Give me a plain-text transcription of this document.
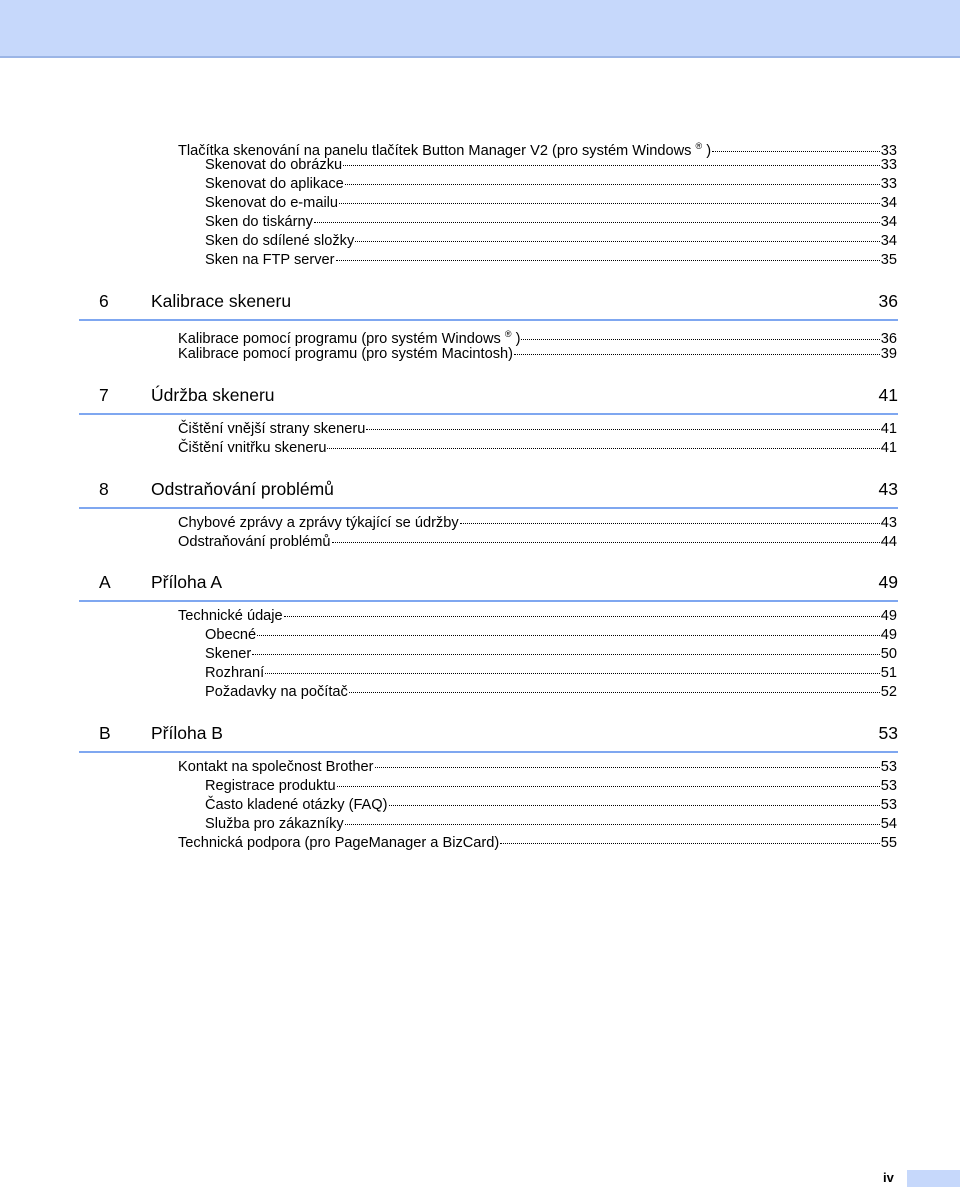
Tlačítka skenování na panelu tlačítek Button Manager V2 (pro systém Windows ® )	33
Skenovat do obrázku	33
Skenovat do aplikace	33
Skenovat do e-mailu	34
Sken do tiskárny	34
Sken do sdílené složky	34
Sken na FTP server	35
6 Kalibrace skeneru	36
Kalibrace pomocí programu (pro systém Windows ® )	36
Kalibrace pomocí programu (pro systém Macintosh)	39
7 Údržba skeneru	41
Čištění vnější strany skeneru	41
Čištění vnitřku skeneru	41
8 Odstraňování problémů	43
Chybové zprávy a zprávy týkající se údržby	43
Odstraňování problémů	44
A Příloha A	49
Technické údaje	49
Obecné	49
Skener	50
Rozhraní	51
Požadavky na počítač	52
B Příloha B	53
Kontakt na společnost Brother	53
Registrace produktu	53
Často kladené otázky (FAQ)	53
Služba pro zákazníky	54
Technická podpora (pro PageManager a BizCard)	55
iv
